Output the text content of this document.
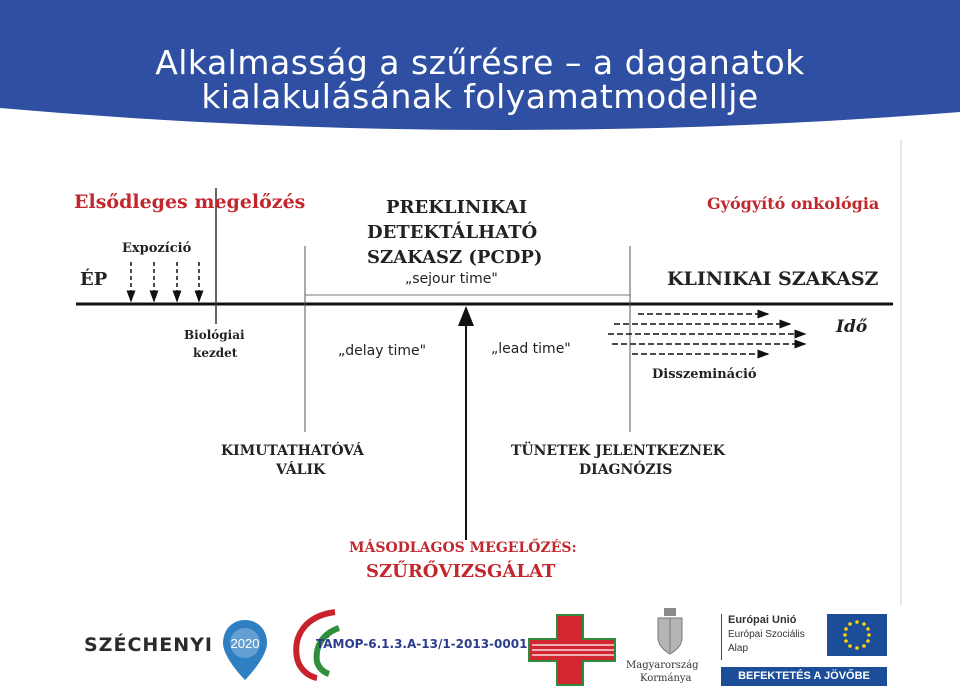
Alkalmasság a szűrésre – a daganatok
kialakulásának folyamatmodellje
Elsődleges megelőzés	Gyógyító onkológia
Expozíció
ÉP
Biológiai
kezdet
PREKLINIKAI
DETEKTÁLHATÓ
SZAKASZ (PCDP)
„sejour time"	KLINIKAI SZAKASZ
Idő
„delay time"	„lead time"
Disszemináció
KIMUTATHATÓVÁ
VÁLIK
TÜNETEK JELENTKEZNEK
DIAGNÓZIS
MÁSODLAGOS MEGELŐZÉS:
SZŰRŐVIZSGÁLAT
SZÉCHENYI	2020	TÁMOP-6.1.3.A-13/1-2013-0001
Magyarország
Kormánya
Európai Unió
Európai Szociális
Alap
BEFEKTETÉS A JÖVŐBE
